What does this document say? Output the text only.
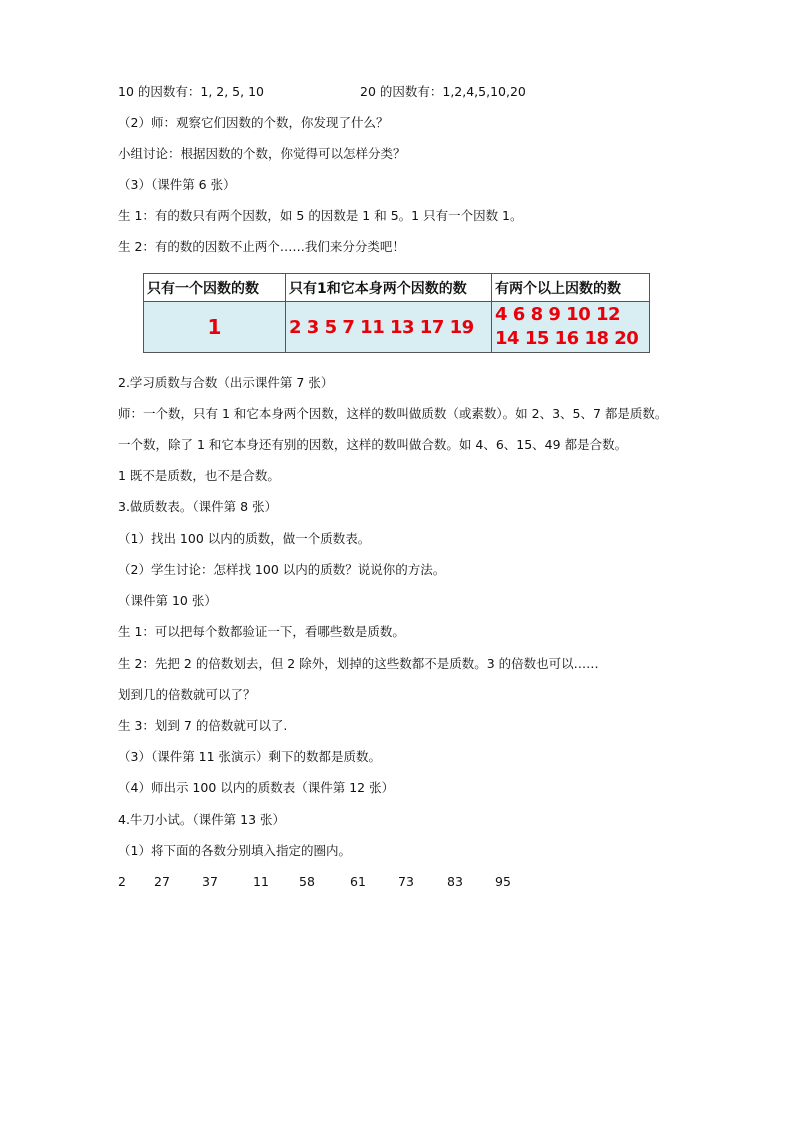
10 的因数有：1, 2, 5, 10	20 的因数有：1,2,4,5,10,20
（2）师：观察它们因数的个数，你发现了什么？
小组讨论：根据因数的个数，你觉得可以怎样分类？
（3）（课件第 6 张）
生 1：有的数只有两个因数，如 5 的因数是 1 和 5。1 只有一个因数 1。
生 2：有的数的因数不止两个……我们来分分类吧！
只有一个因数的数	只有1和它本身两个因数的数	有两个以上因数的数
1	2 3 5 7 11 13 17 19	4 6 8 9 10 12
14 15 16 18 20
2.学习质数与合数（出示课件第 7 张）
师：一个数，只有 1 和它本身两个因数，这样的数叫做质数（或素数）。如 2、3、5、7 都是质数。
一个数，除了 1 和它本身还有别的因数，这样的数叫做合数。如 4、6、15、49 都是合数。
1 既不是质数，也不是合数。
3.做质数表。（课件第 8 张）
（1）找出 100 以内的质数，做一个质数表。
（2）学生讨论：怎样找 100 以内的质数？说说你的方法。
（课件第 10 张）
生 1：可以把每个数都验证一下，看哪些数是质数。
生 2：先把 2 的倍数划去，但 2 除外，划掉的这些数都不是质数。3 的倍数也可以……
划到几的倍数就可以了？
生 3：划到 7 的倍数就可以了.
（3）（课件第 11 张演示）剩下的数都是质数。
（4）师出示 100 以内的质数表（课件第 12 张）
4.牛刀小试。（课件第 13 张）
（1）将下面的各数分别填入指定的圈内。
2 27	37	11 58	61	73	83	95
